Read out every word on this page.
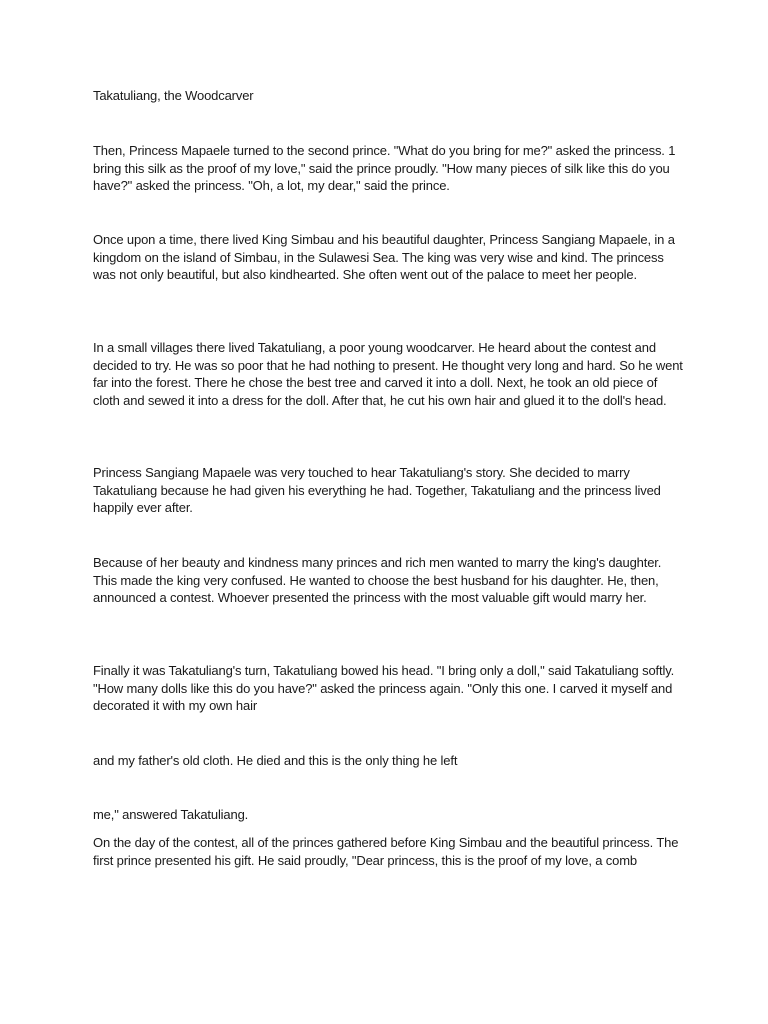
Takatuliang, the Woodcarver

Then, Princess Mapaele turned to the second prince. "What do you bring for me?" asked the princess. 1 bring this silk as the proof of my love," said the prince proudly. "How many pieces of silk like this do you have?" asked the princess. "Oh, a lot, my dear," said the prince.

Once upon a time, there lived King Simbau and his beautiful daughter, Princess Sangiang Mapaele, in a kingdom on the island of Simbau, in the Sulawesi Sea. The king was very wise and kind. The princess was not only beautiful, but also kindhearted. She often went out of the palace to meet her people.

In a small villages there lived Takatuliang, a poor young woodcarver. He heard about the contest and decided to try. He was so poor that he had nothing to present. He thought very long and hard. So he went far into the forest. There he chose the best tree and carved it into a doll. Next, he took an old piece of cloth and sewed it into a dress for the doll. After that, he cut his own hair and glued it to the doll's head.

Princess Sangiang Mapaele was very touched to hear Takatuliang's story. She decided to marry Takatuliang because he had given his everything he had. Together, Takatuliang and the princess lived happily ever after.

Because of her beauty and kindness many princes and rich men wanted to marry the king's daughter. This made the king very confused. He wanted to choose the best husband for his daughter. He, then, announced a contest. Whoever presented the princess with the most valuable gift would marry her.

Finally it was Takatuliang's turn, Takatuliang bowed his head. "I bring only a doll," said Takatuliang softly. "How many dolls like this do you have?" asked the princess again. "Only this one. I carved it myself and decorated it with my own hair

and my father's old cloth. He died and this is the only thing he left

me," answered Takatuliang.

On the day of the contest, all of the princes gathered before King Simbau and the beautiful princess. The first prince presented his gift. He said proudly, "Dear princess, this is the proof of my love, a comb
